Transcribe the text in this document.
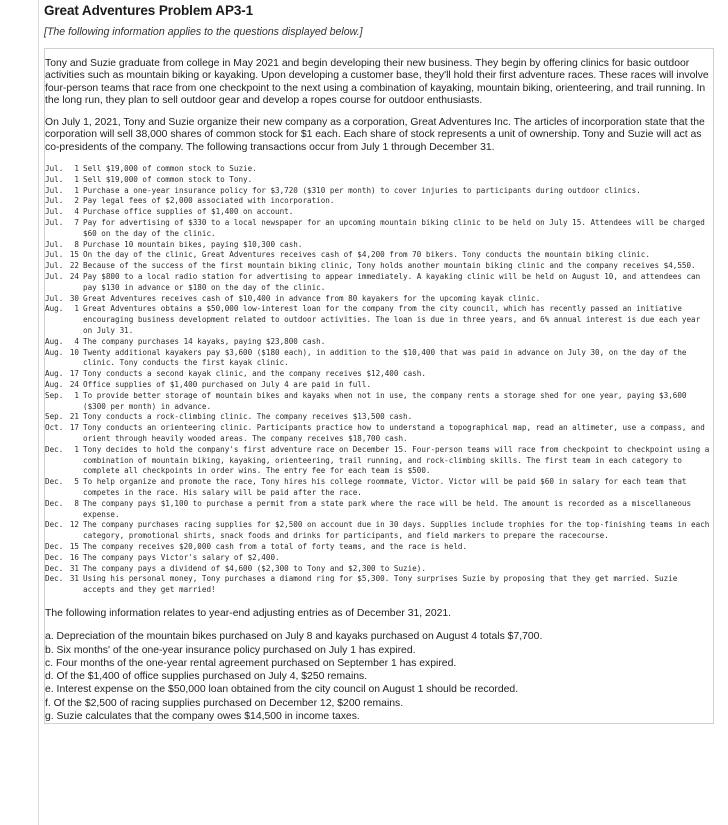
Great Adventures Problem AP3-1
[The following information applies to the questions displayed below.]

Tony and Suzie graduate from college in May 2021 and begin developing their new business. They begin by offering clinics for basic outdoor activities such as mountain biking or kayaking. Upon developing a customer base, they'll hold their first adventure races. These races will involve four-person teams that race from one checkpoint to the next using a combination of kayaking, mountain biking, orienteering, and trail running. In the long run, they plan to sell outdoor gear and develop a ropes course for outdoor enthusiasts.

On July 1, 2021, Tony and Suzie organize their new company as a corporation, Great Adventures Inc. The articles of incorporation state that the corporation will sell 38,000 shares of common stock for $1 each. Each share of stock represents a unit of ownership. Tony and Suzie will act as co-presidents of the company. The following transactions occur from July 1 through December 31.

Jul.	1 Sell $19,000 of common stock to Suzie.
Jul.	1 Sell $19,000 of common stock to Tony.
Jul.	1 Purchase a one-year insurance policy for $3,720 ($310 per month) to cover injuries to participants during outdoor clinics.
Jul.	2 Pay legal fees of $2,000 associated with incorporation.
Jul.	4 Purchase office supplies of $1,400 on account.
Jul.	7 Pay for advertising of $330 to a local newspaper for an upcoming mountain biking clinic to be held on July 15. Attendees will be charged $60 on the day of the clinic.
Jul.	8 Purchase 10 mountain bikes, paying $10,300 cash.
Jul. 15 On the day of the clinic, Great Adventures receives cash of $4,200 from 70 bikers. Tony conducts the mountain biking clinic.
Jul. 22 Because of the success of the first mountain biking clinic, Tony holds another mountain biking clinic and the company receives $4,550.
Jul. 24 Pay $800 to a local radio station for advertising to appear immediately. A kayaking clinic will be held on August 10, and attendees can pay $130 in advance or $180 on the day of the clinic.
Jul. 30 Great Adventures receives cash of $10,400 in advance from 80 kayakers for the upcoming kayak clinic.
Aug.	1 Great Adventures obtains a $50,000 low-interest loan for the company from the city council, which has recently passed an initiative encouraging business development related to outdoor activities. The loan is due in three years, and 6% annual interest is due each year on July 31.
Aug.	4 The company purchases 14 kayaks, paying $23,800 cash.
Aug. 10 Twenty additional kayakers pay $3,600 ($180 each), in addition to the $10,400 that was paid in advance on July 30, on the day of the clinic. Tony conducts the first kayak clinic.
Aug. 17 Tony conducts a second kayak clinic, and the company receives $12,400 cash.
Aug. 24 Office supplies of $1,400 purchased on July 4 are paid in full.
Sep.	1 To provide better storage of mountain bikes and kayaks when not in use, the company rents a storage shed for one year, paying $3,600 ($300 per month) in advance.
Sep. 21 Tony conducts a rock-climbing clinic. The company receives $13,500 cash.
Oct. 17 Tony conducts an orienteering clinic. Participants practice how to understand a topographical map, read an altimeter, use a compass, and orient through heavily wooded areas. The company receives $18,700 cash.
Dec.	1 Tony decides to hold the company's first adventure race on December 15. Four-person teams will race from checkpoint to checkpoint using a combination of mountain biking, kayaking, orienteering, trail running, and rock-climbing skills. The first team in each category to complete all checkpoints in order wins. The entry fee for each team is $500.
Dec.	5 To help organize and promote the race, Tony hires his college roommate, Victor. Victor will be paid $60 in salary for each team that competes in the race. His salary will be paid after the race.
Dec.	8 The company pays $1,100 to purchase a permit from a state park where the race will be held. The amount is recorded as a miscellaneous expense.
Dec. 12 The company purchases racing supplies for $2,500 on account due in 30 days. Supplies include trophies for the top-finishing teams in each category, promotional shirts, snack foods and drinks for participants, and field markers to prepare the racecourse.
Dec. 15 The company receives $20,000 cash from a total of forty teams, and the race is held.
Dec. 16 The company pays Victor's salary of $2,400.
Dec. 31 The company pays a dividend of $4,600 ($2,300 to Tony and $2,300 to Suzie).
Dec. 31 Using his personal money, Tony purchases a diamond ring for $5,300. Tony surprises Suzie by proposing that they get married. Suzie accepts and they get married!

The following information relates to year-end adjusting entries as of December 31, 2021.

a. Depreciation of the mountain bikes purchased on July 8 and kayaks purchased on August 4 totals $7,700.
b. Six months' of the one-year insurance policy purchased on July 1 has expired.
c. Four months of the one-year rental agreement purchased on September 1 has expired.
d. Of the $1,400 of office supplies purchased on July 4, $250 remains.
e. Interest expense on the $50,000 loan obtained from the city council on August 1 should be recorded.
f. Of the $2,500 of racing supplies purchased on December 12, $200 remains.
g. Suzie calculates that the company owes $14,500 in income taxes.
